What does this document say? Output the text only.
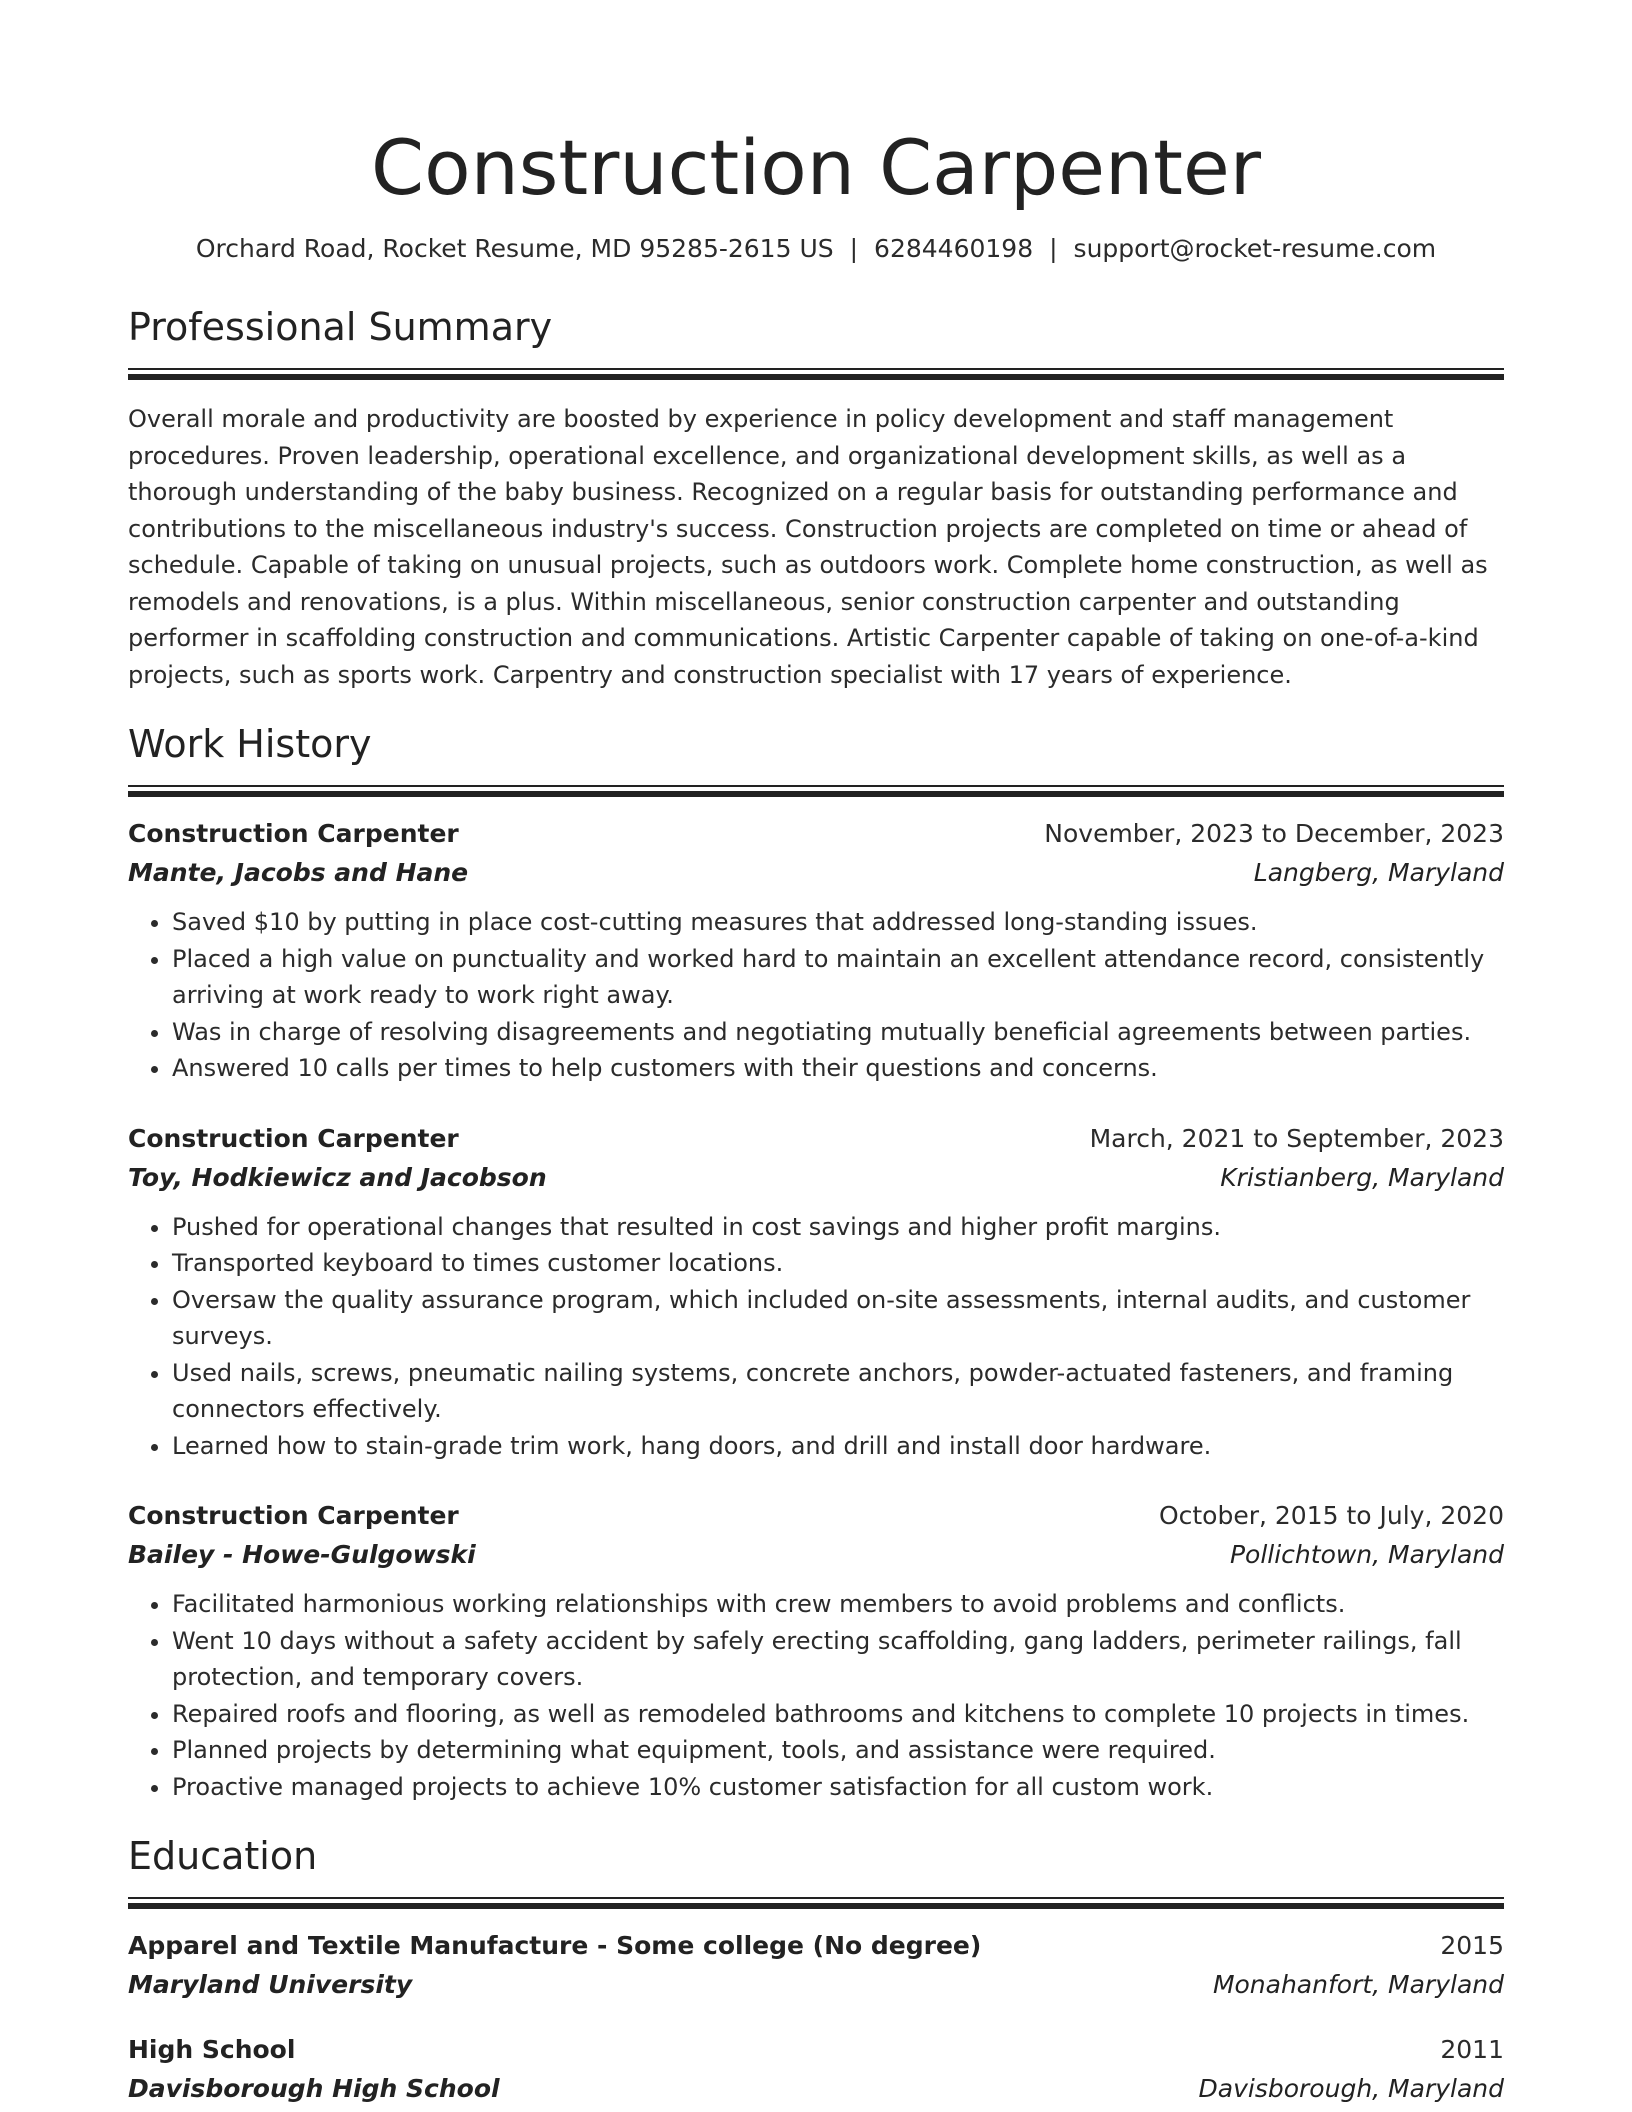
Construction Carpenter
Orchard Road, Rocket Resume, MD 95285-2615 US | 6284460198 | support@rocket-resume.com
Professional Summary
Overall morale and productivity are boosted by experience in policy development and staff management procedures. Proven leadership, operational excellence, and organizational development skills, as well as a thorough understanding of the baby business. Recognized on a regular basis for outstanding performance and contributions to the miscellaneous industry's success. Construction projects are completed on time or ahead of schedule. Capable of taking on unusual projects, such as outdoors work. Complete home construction, as well as remodels and renovations, is a plus. Within miscellaneous, senior construction carpenter and outstanding performer in scaffolding construction and communications. Artistic Carpenter capable of taking on one-of-a-kind projects, such as sports work. Carpentry and construction specialist with 17 years of experience.
Work History
Construction Carpenter	November, 2023 to December, 2023
Mante, Jacobs and Hane	Langberg, Maryland
• Saved $10 by putting in place cost-cutting measures that addressed long-standing issues.
• Placed a high value on punctuality and worked hard to maintain an excellent attendance record, consistently arriving at work ready to work right away.
• Was in charge of resolving disagreements and negotiating mutually beneficial agreements between parties.
• Answered 10 calls per times to help customers with their questions and concerns.
Construction Carpenter	March, 2021 to September, 2023
Toy, Hodkiewicz and Jacobson	Kristianberg, Maryland
• Pushed for operational changes that resulted in cost savings and higher profit margins.
• Transported keyboard to times customer locations.
• Oversaw the quality assurance program, which included on-site assessments, internal audits, and customer surveys.
• Used nails, screws, pneumatic nailing systems, concrete anchors, powder-actuated fasteners, and framing connectors effectively.
• Learned how to stain-grade trim work, hang doors, and drill and install door hardware.
Construction Carpenter	October, 2015 to July, 2020
Bailey - Howe-Gulgowski	Pollichtown, Maryland
• Facilitated harmonious working relationships with crew members to avoid problems and conflicts.
• Went 10 days without a safety accident by safely erecting scaffolding, gang ladders, perimeter railings, fall protection, and temporary covers.
• Repaired roofs and flooring, as well as remodeled bathrooms and kitchens to complete 10 projects in times.
• Planned projects by determining what equipment, tools, and assistance were required.
• Proactive managed projects to achieve 10% customer satisfaction for all custom work.
Education
Apparel and Textile Manufacture - Some college (No degree)	2015
Maryland University	Monahanfort, Maryland
High School	2011
Davisborough High School	Davisborough, Maryland
